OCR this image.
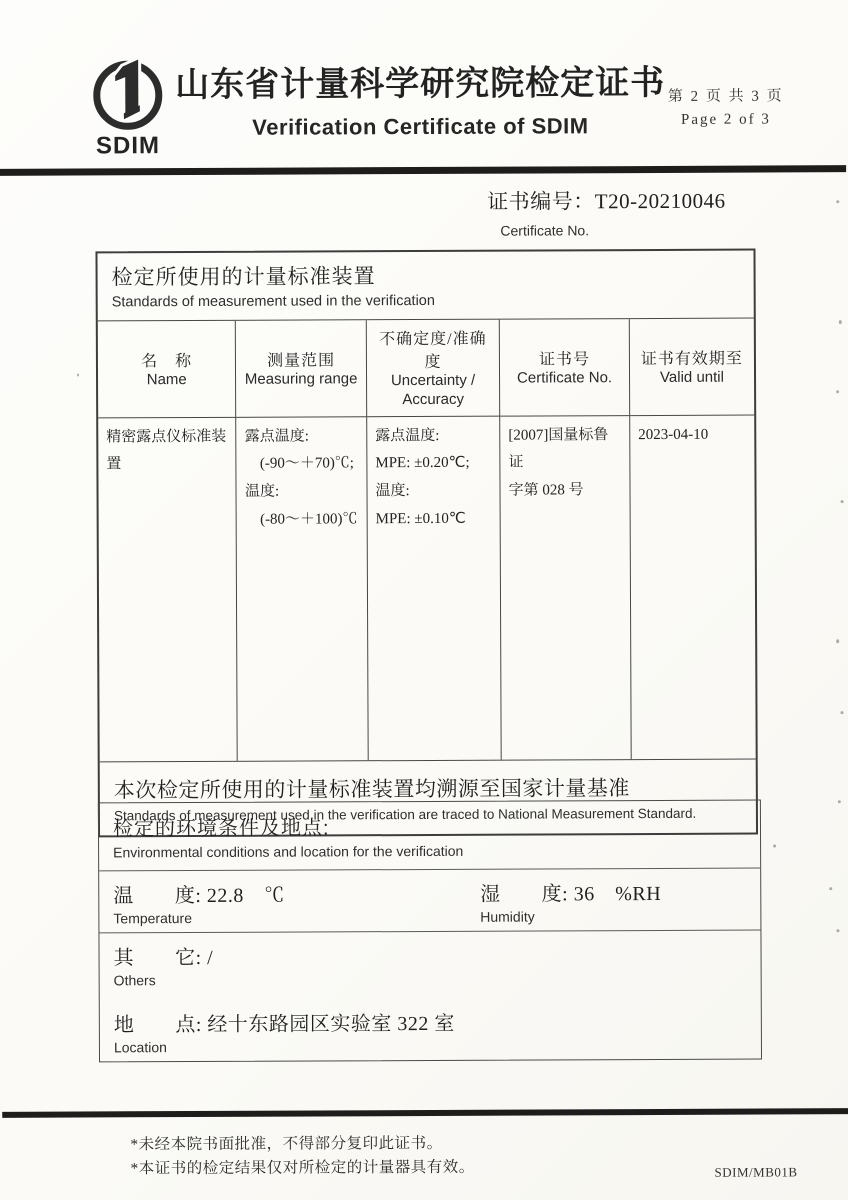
SDIM
山东省计量科学研究院检定证书
Verification Certificate of SDIM
第 2 页 共 3 页
Page 2 of 3
证书编号：T20-20210046
Certificate No.
检定所使用的计量标准装置
Standards of measurement used in the verification
名　称
Name
测量范围
Measuring range
不确定度/准确度
Uncertainty / Accuracy
证书号
Certificate No.
证书有效期至
Valid until
精密露点仪标准装置
露点温度:
　(-90～＋70)℃;
温度:
　(-80～＋100)℃
露点温度:
MPE: ±0.20℃;
温度:
MPE: ±0.10℃
[2007]国量标鲁证
字第 028 号
2023-04-10
本次检定所使用的计量标准装置均溯源至国家计量基准
Standards of measurement used in the verification are traced to National Measurement Standard.
检定的环境条件及地点:
Environmental conditions and location for the verification
温　　度: 22.8　℃
Temperature
湿　　度: 36　%RH
Humidity
其　　它: /
Others
地　　点: 经十东路园区实验室 322 室
Location
*未经本院书面批准，不得部分复印此证书。
*本证书的检定结果仅对所检定的计量器具有效。	SDIM/MB01B
